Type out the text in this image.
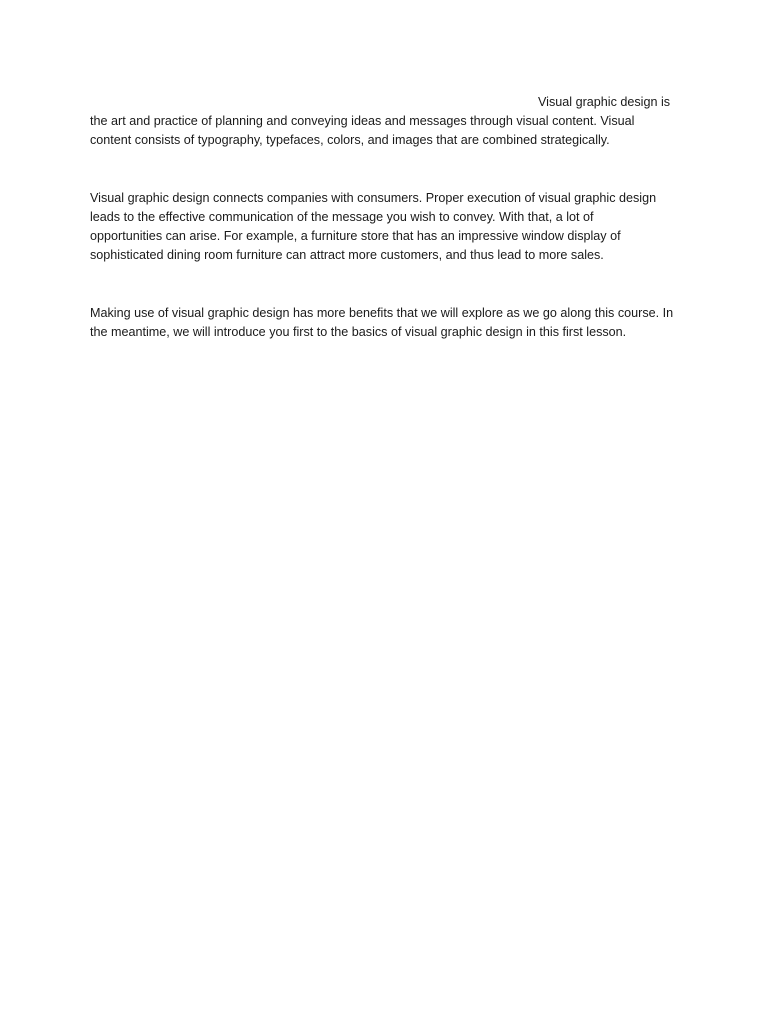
Visual graphic design is
the art and practice of planning and conveying ideas and messages through visual content. Visual
content consists of typography, typefaces, colors, and images that are combined strategically.

Visual graphic design connects companies with consumers. Proper execution of visual graphic design
leads to the effective communication of the message you wish to convey. With that, a lot of
opportunities can arise. For example, a furniture store that has an impressive window display of
sophisticated dining room furniture can attract more customers, and thus lead to more sales.

Making use of visual graphic design has more benefits that we will explore as we go along this course. In
the meantime, we will introduce you first to the basics of visual graphic design in this first lesson.
